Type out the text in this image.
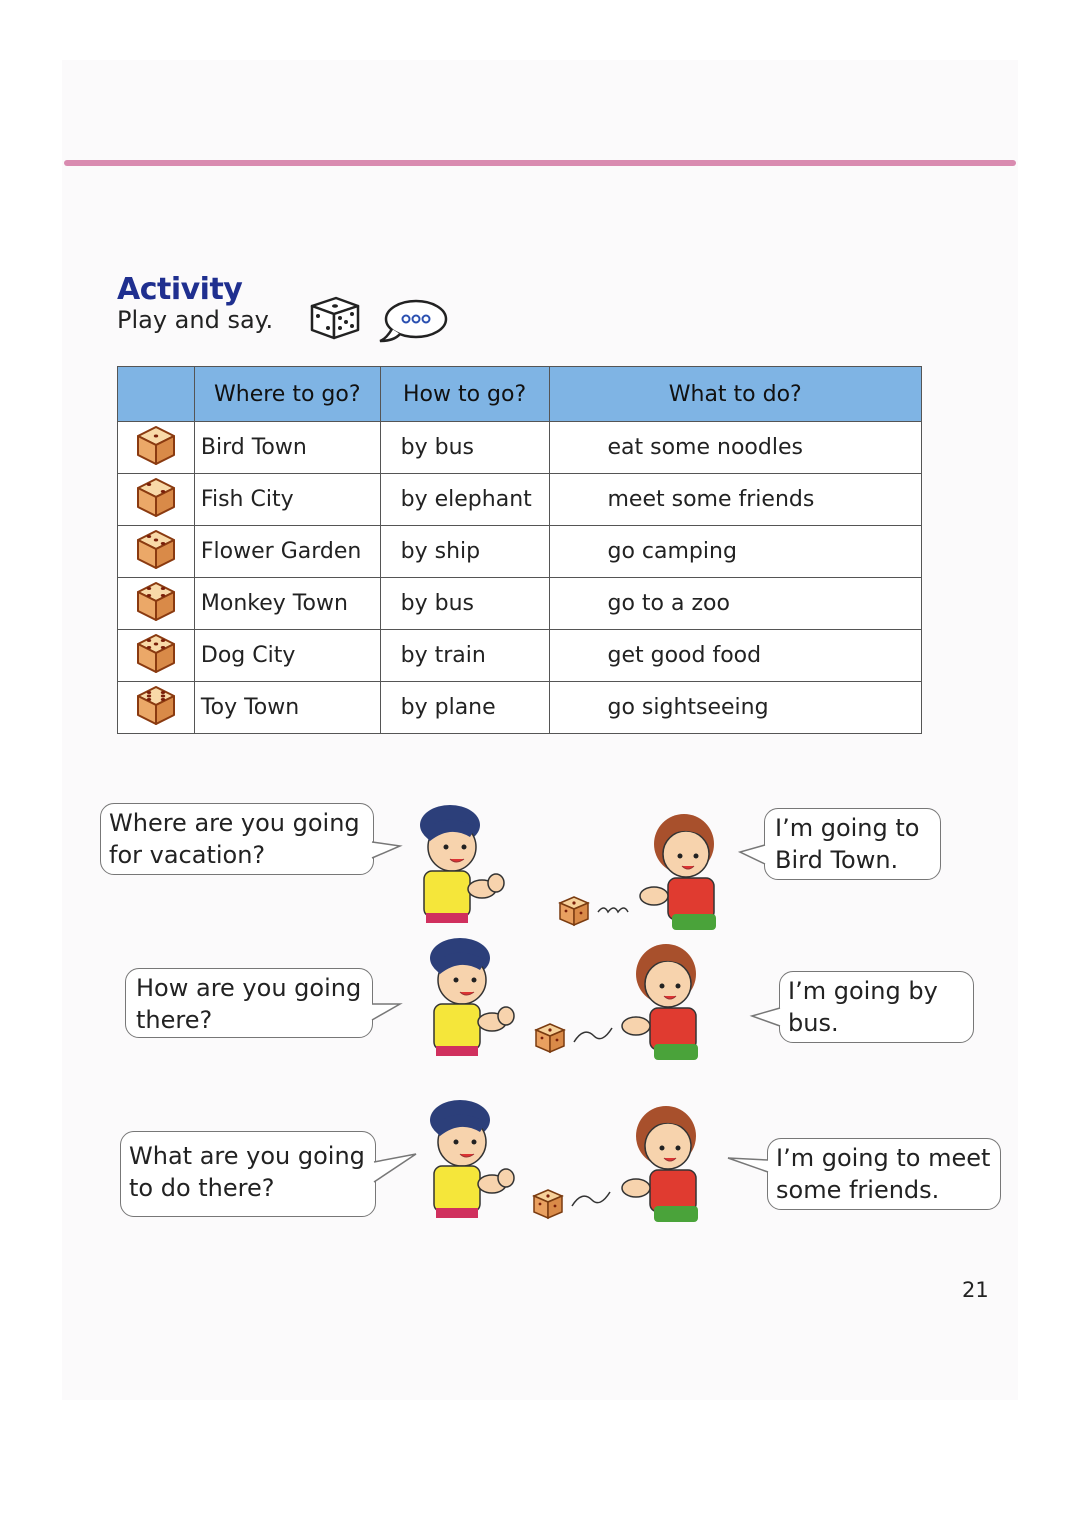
Activity
Play and say.
	Where to go?	How to go?	What to do?
	Bird Town	by bus	eat some noodles
	Fish City	by elephant	meet some friends
	Flower Garden	by ship	go camping
	Monkey Town	by bus	go to a zoo
	Dog City	by train	get good food
	Toy Town	by plane	go sightseeing
Where are you going
for vacation?
I’m going to
Bird Town.
How are you going
there?
I’m going by
bus.
What are you going
to do there?
I’m going to meet
some friends.
21
